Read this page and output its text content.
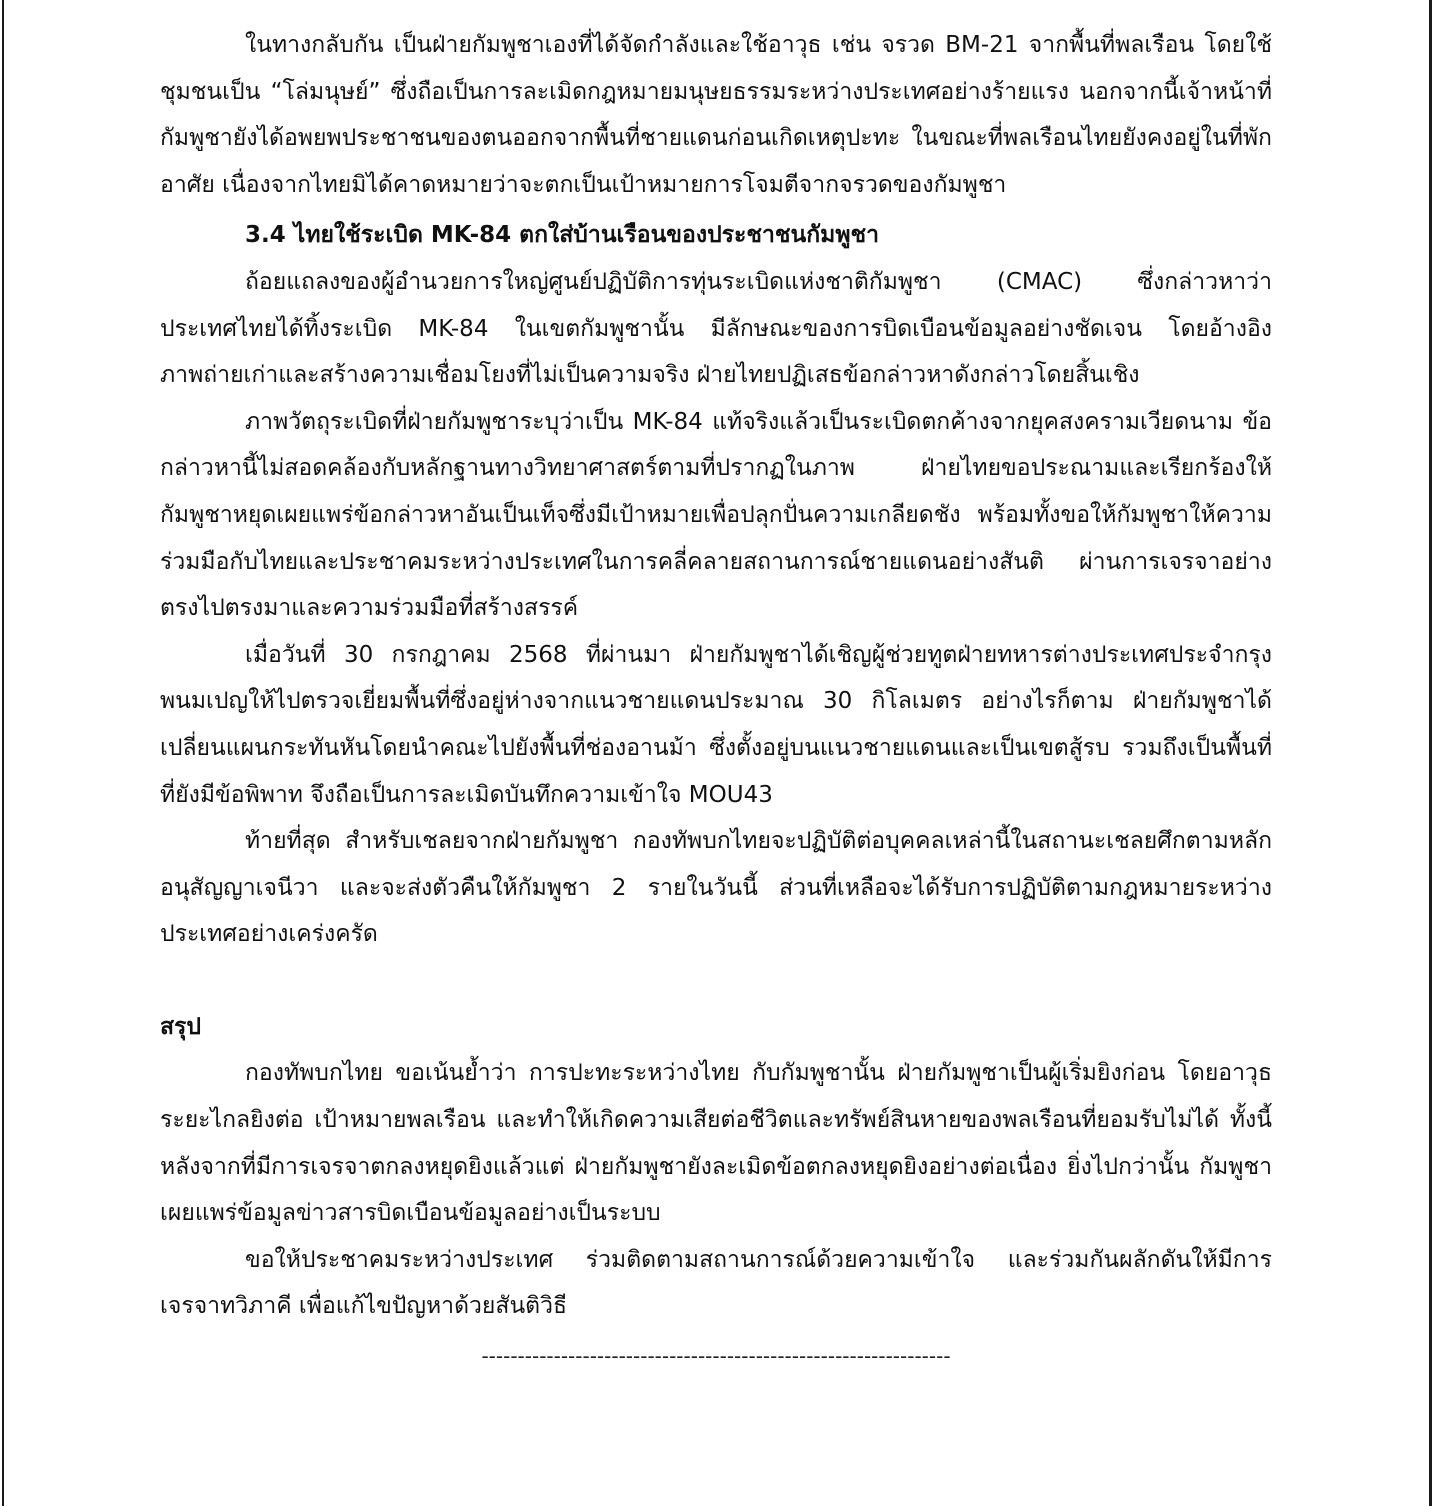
ในทางกลับกัน เป็นฝ่ายกัมพูชาเองที่ได้จัดกำลังและใช้อาวุธ เช่น จรวด BM-21 จากพื้นที่พลเรือน โดยใช้ชุมชนเป็น “โล่มนุษย์” ซึ่งถือเป็นการละเมิดกฎหมายมนุษยธรรมระหว่างประเทศอย่างร้ายแรง นอกจากนี้เจ้าหน้าที่กัมพูชายังได้อพยพประชาชนของตนออกจากพื้นที่ชายแดนก่อนเกิดเหตุปะทะ ในขณะที่พลเรือนไทยยังคงอยู่ในที่พักอาศัย เนื่องจากไทยมิได้คาดหมายว่าจะตกเป็นเป้าหมายการโจมตีจากจรวดของกัมพูชา

3.4 ไทยใช้ระเบิด MK-84 ตกใส่บ้านเรือนของประชาชนกัมพูชา

ถ้อยแถลงของผู้อำนวยการใหญ่ศูนย์ปฏิบัติการทุ่นระเบิดแห่งชาติกัมพูชา (CMAC) ซึ่งกล่าวหาว่าประเทศไทยได้ทิ้งระเบิด MK-84 ในเขตกัมพูชานั้น มีลักษณะของการบิดเบือนข้อมูลอย่างชัดเจน โดยอ้างอิงภาพถ่ายเก่าและสร้างความเชื่อมโยงที่ไม่เป็นความจริง ฝ่ายไทยปฏิเสธข้อกล่าวหาดังกล่าวโดยสิ้นเชิง

ภาพวัตถุระเบิดที่ฝ่ายกัมพูชาระบุว่าเป็น MK-84 แท้จริงแล้วเป็นระเบิดตกค้างจากยุคสงครามเวียดนาม ข้อกล่าวหานี้ไม่สอดคล้องกับหลักฐานทางวิทยาศาสตร์ตามที่ปรากฏในภาพ ฝ่ายไทยขอประณามและเรียกร้องให้กัมพูชาหยุดเผยแพร่ข้อกล่าวหาอันเป็นเท็จซึ่งมีเป้าหมายเพื่อปลุกปั่นความเกลียดชัง พร้อมทั้งขอให้กัมพูชาให้ความร่วมมือกับไทยและประชาคมระหว่างประเทศในการคลี่คลายสถานการณ์ชายแดนอย่างสันติ ผ่านการเจรจาอย่างตรงไปตรงมาและความร่วมมือที่สร้างสรรค์

เมื่อวันที่ 30 กรกฎาคม 2568 ที่ผ่านมา ฝ่ายกัมพูชาได้เชิญผู้ช่วยทูตฝ่ายทหารต่างประเทศประจำกรุงพนมเปญให้ไปตรวจเยี่ยมพื้นที่ซึ่งอยู่ห่างจากแนวชายแดนประมาณ 30 กิโลเมตร อย่างไรก็ตาม ฝ่ายกัมพูชาได้เปลี่ยนแผนกระทันหันโดยนำคณะไปยังพื้นที่ช่องอานม้า ซึ่งตั้งอยู่บนแนวชายแดนและเป็นเขตสู้รบ รวมถึงเป็นพื้นที่ที่ยังมีข้อพิพาท จึงถือเป็นการละเมิดบันทึกความเข้าใจ MOU43

ท้ายที่สุด สำหรับเชลยจากฝ่ายกัมพูชา กองทัพบกไทยจะปฏิบัติต่อบุคคลเหล่านี้ในสถานะเชลยศึกตามหลักอนุสัญญาเจนีวา และจะส่งตัวคืนให้กัมพูชา 2 รายในวันนี้ ส่วนที่เหลือจะได้รับการปฏิบัติตามกฎหมายระหว่างประเทศอย่างเคร่งครัด

สรุป

กองทัพบกไทย ขอเน้นย้ำว่า การปะทะระหว่างไทย กับกัมพูชานั้น ฝ่ายกัมพูชาเป็นผู้เริ่มยิงก่อน โดยอาวุธระยะไกลยิงต่อ เป้าหมายพลเรือน และทำให้เกิดความเสียต่อชีวิตและทรัพย์สินหายของพลเรือนที่ยอมรับไม่ได้ ทั้งนี้ หลังจากที่มีการเจรจาตกลงหยุดยิงแล้วแต่ ฝ่ายกัมพูชายังละเมิดข้อตกลงหยุดยิงอย่างต่อเนื่อง ยิ่งไปกว่านั้น กัมพูชา เผยแพร่ข้อมูลข่าวสารบิดเบือนข้อมูลอย่างเป็นระบบ

ขอให้ประชาคมระหว่างประเทศ ร่วมติดตามสถานการณ์ด้วยความเข้าใจ และร่วมกันผลักดันให้มีการเจรจาทวิภาคี เพื่อแก้ไขปัญหาด้วยสันติวิธี

-----------------------------------------------------------------
